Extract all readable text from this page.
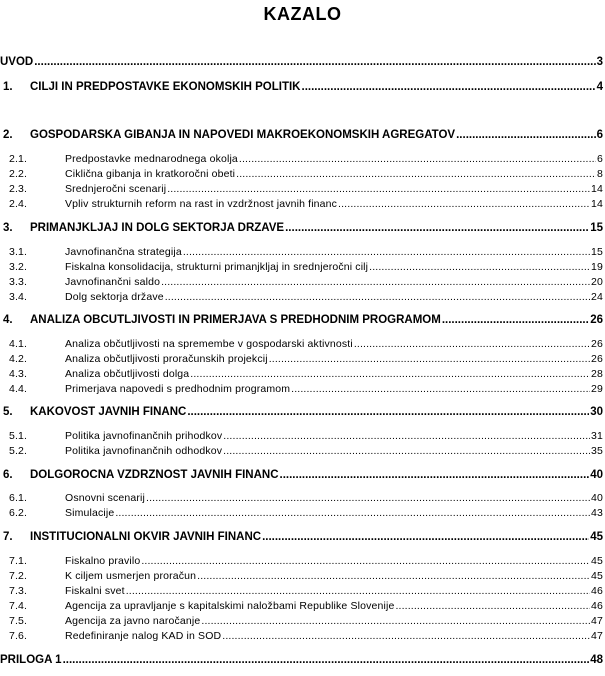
KAZALO
UVOD .....	3
1.	CILJI IN PREDPOSTAVKE EKONOMSKIH POLITIK .....	4
2.	GOSPODARSKA GIBANJA IN NAPOVEDI MAKROEKONOMSKIH AGREGATOV .....	6
2.1.	Predpostavke mednarodnega okolja .....	6
2.2.	Ciklična gibanja in kratkoročni obeti .....	8
2.3.	Srednjeročni scenarij .....	14
2.4.	Vpliv strukturnih reform na rast in vzdržnost javnih financ .....	14
3.	PRIMANJKLJAJ IN DOLG SEKTORJA DRŽAVE .....	15
3.1.	Javnofinančna strategija .....	15
3.2.	Fiskalna konsolidacija, strukturni primanjkljaj in srednjeročni cilj .....	19
3.3.	Javnofinančni saldo .....	20
3.4.	Dolg sektorja države .....	24
4.	ANALIZA OBČUTLJIVOSTI IN PRIMERJAVA S PREDHODNIM PROGRAMOM .....	26
4.1.	Analiza občutljivosti na spremembe v gospodarski aktivnosti .....	26
4.2.	Analiza občutljivosti proračunskih projekcij .....	26
4.3.	Analiza občutljivosti dolga .....	28
4.4.	Primerjava napovedi s predhodnim programom .....	29
5.	KAKOVOST JAVNIH FINANC .....	30
5.1.	Politika javnofinančnih prihodkov .....	31
5.2.	Politika javnofinančnih odhodkov .....	35
6.	DOLGOROČNA VZDRŽNOST JAVNIH FINANC .....	40
6.1.	Osnovni scenarij .....	40
6.2.	Simulacije .....	43
7.	INSTITUCIONALNI OKVIR JAVNIH FINANC .....	45
7.1.	Fiskalno pravilo .....	45
7.2.	K ciljem usmerjen proračun .....	45
7.3.	Fiskalni svet .....	46
7.4.	Agencija za upravljanje s kapitalskimi naložbami Republike Slovenije .....	46
7.5.	Agencija za javno naročanje .....	47
7.6.	Redefiniranje nalog KAD in SOD .....	47
PRILOGA 1 .....	48
